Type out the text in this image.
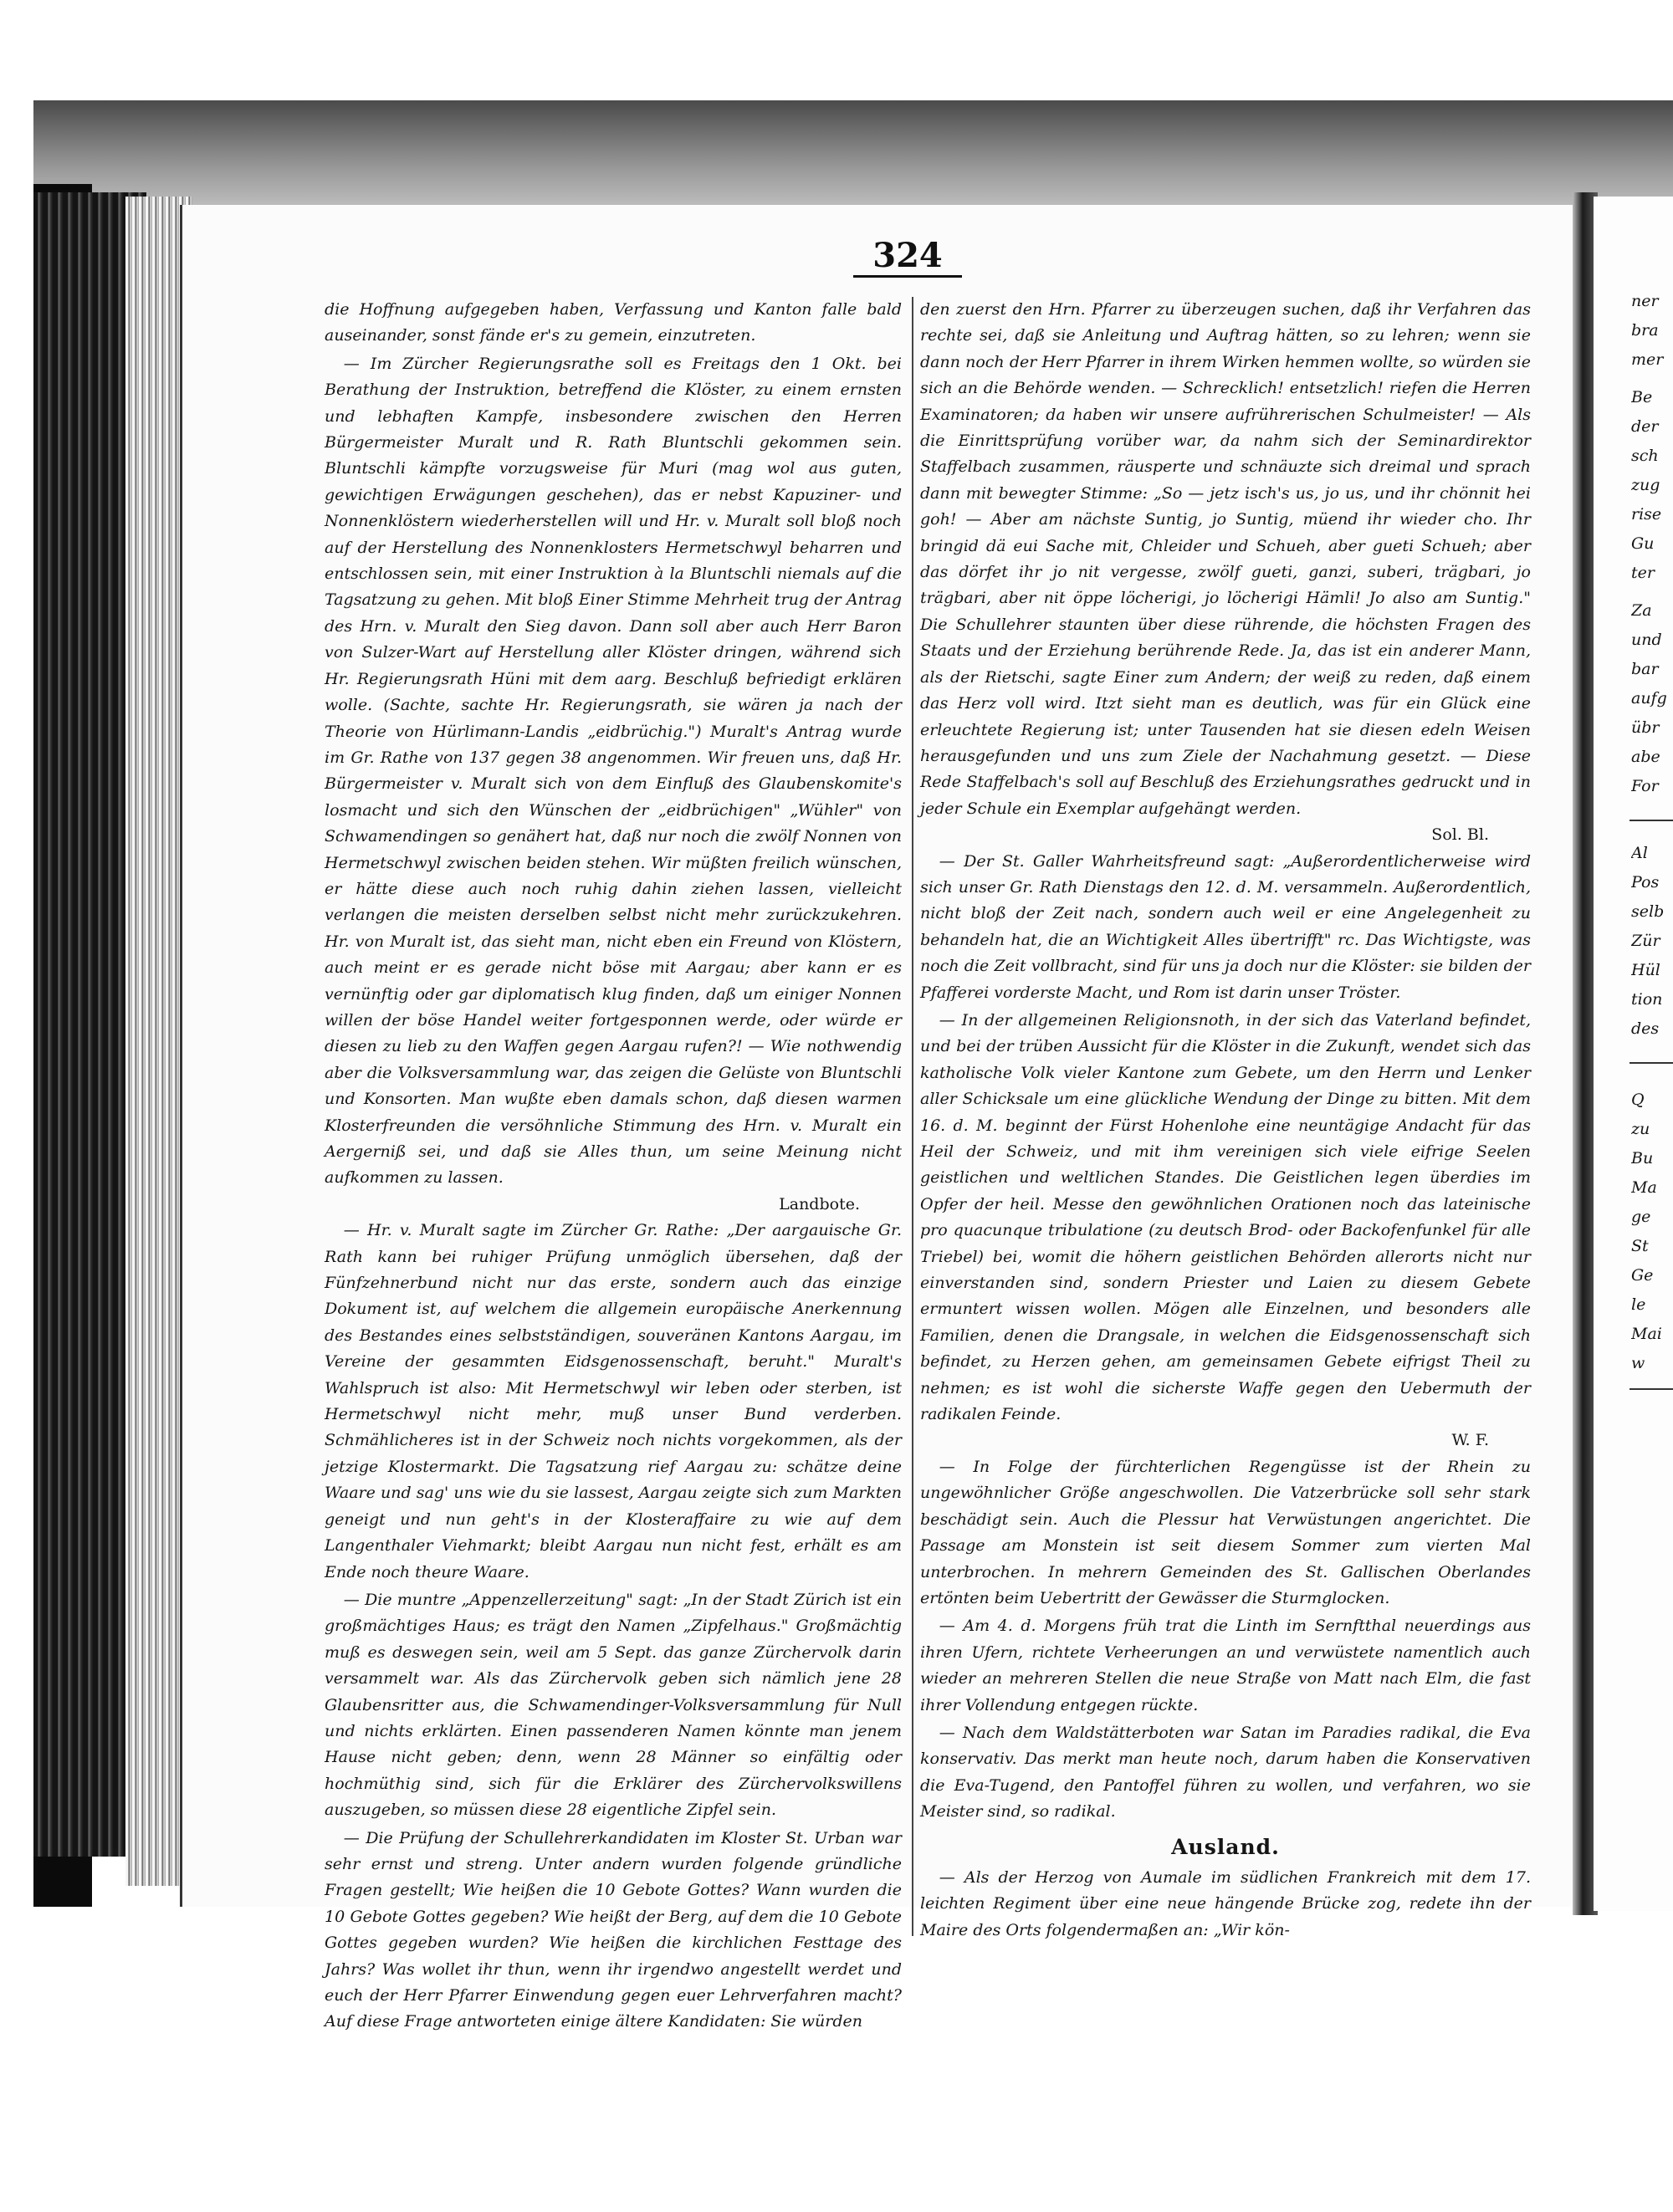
324

die Hoffnung aufgegeben haben, Verfassung und Kanton falle bald auseinander, sonst fände er's zu gemein, einzutreten.

— Im Zürcher Regierungsrathe soll es Freitags den 1 Okt. bei Berathung der Instruktion, betreffend die Klöster, zu einem ernsten und lebhaften Kampfe, insbesondere zwischen den Herren Bürgermeister Muralt und R. Rath Bluntschli gekommen sein. Bluntschli kämpfte vorzugsweise für Muri (mag wol aus guten, gewichtigen Erwägungen geschehen), das er nebst Kapuziner- und Nonnenklöstern wiederherstellen will und Hr. v. Muralt soll bloß noch auf der Herstellung des Nonnenklosters Hermetschwyl beharren und entschlossen sein, mit einer Instruktion à la Bluntschli niemals auf die Tagsatzung zu gehen. Mit bloß Einer Stimme Mehrheit trug der Antrag des Hrn. v. Muralt den Sieg davon. Dann soll aber auch Herr Baron von Sulzer-Wart auf Herstellung aller Klöster dringen, während sich Hr. Regierungsrath Hüni mit dem aarg. Beschluß befriedigt erklären wolle. (Sachte, sachte Hr. Regierungsrath, sie wären ja nach der Theorie von Hürlimann-Landis „eidbrüchig.") Muralt's Antrag wurde im Gr. Rathe von 137 gegen 38 angenommen. Wir freuen uns, daß Hr. Bürgermeister v. Muralt sich von dem Einfluß des Glaubenskomite's losmacht und sich den Wünschen der „eidbrüchigen" „Wühler" von Schwamendingen so genähert hat, daß nur noch die zwölf Nonnen von Hermetschwyl zwischen beiden stehen. Wir müßten freilich wünschen, er hätte diese auch noch ruhig dahin ziehen lassen, vielleicht verlangen die meisten derselben selbst nicht mehr zurückzukehren. Hr. von Muralt ist, das sieht man, nicht eben ein Freund von Klöstern, auch meint er es gerade nicht böse mit Aargau; aber kann er es vernünftig oder gar diplomatisch klug finden, daß um einiger Nonnen willen der böse Handel weiter fortgesponnen werde, oder würde er diesen zu lieb zu den Waffen gegen Aargau rufen?! — Wie nothwendig aber die Volksversammlung war, das zeigen die Gelüste von Bluntschli und Konsorten. Man wußte eben damals schon, daß diesen warmen Klosterfreunden die versöhnliche Stimmung des Hrn. v. Muralt ein Aergerniß sei, und daß sie Alles thun, um seine Meinung nicht aufkommen zu lassen.

Landbote.

— Hr. v. Muralt sagte im Zürcher Gr. Rathe: „Der aargauische Gr. Rath kann bei ruhiger Prüfung unmöglich übersehen, daß der Fünfzehnerbund nicht nur das erste, sondern auch das einzige Dokument ist, auf welchem die allgemein europäische Anerkennung des Bestandes eines selbstständigen, souveränen Kantons Aargau, im Vereine der gesammten Eidsgenossenschaft, beruht." Muralt's Wahlspruch ist also: Mit Hermetschwyl wir leben oder sterben, ist Hermetschwyl nicht mehr, muß unser Bund verderben. Schmählicheres ist in der Schweiz noch nichts vorgekommen, als der jetzige Klostermarkt. Die Tagsatzung rief Aargau zu: schätze deine Waare und sag' uns wie du sie lassest, Aargau zeigte sich zum Markten geneigt und nun geht's in der Klosteraffaire zu wie auf dem Langenthaler Viehmarkt; bleibt Aargau nun nicht fest, erhält es am Ende noch theure Waare.

— Die muntre „Appenzellerzeitung" sagt: „In der Stadt Zürich ist ein großmächtiges Haus; es trägt den Namen „Zipfelhaus." Großmächtig muß es deswegen sein, weil am 5 Sept. das ganze Zürchervolk darin versammelt war. Als das Zürchervolk geben sich nämlich jene 28 Glaubensritter aus, die Schwamendinger-Volksversammlung für Null und nichts erklärten. Einen passenderen Namen könnte man jenem Hause nicht geben; denn, wenn 28 Männer so einfältig oder hochmüthig sind, sich für die Erklärer des Zürchervolkswillens auszugeben, so müssen diese 28 eigentliche Zipfel sein.

— Die Prüfung der Schullehrerkandidaten im Kloster St. Urban war sehr ernst und streng. Unter andern wurden folgende gründliche Fragen gestellt; Wie heißen die 10 Gebote Gottes? Wann wurden die 10 Gebote Gottes gegeben? Wie heißt der Berg, auf dem die 10 Gebote Gottes gegeben wurden? Wie heißen die kirchlichen Festtage des Jahrs? Was wollet ihr thun, wenn ihr irgendwo angestellt werdet und euch der Herr Pfarrer Einwendung gegen euer Lehrverfahren macht? Auf diese Frage antworteten einige ältere Kandidaten: Sie würden

den zuerst den Hrn. Pfarrer zu überzeugen suchen, daß ihr Verfahren das rechte sei, daß sie Anleitung und Auftrag hätten, so zu lehren; wenn sie dann noch der Herr Pfarrer in ihrem Wirken hemmen wollte, so würden sie sich an die Behörde wenden. — Schrecklich! entsetzlich! riefen die Herren Examinatoren; da haben wir unsere aufrührerischen Schulmeister! — Als die Einrittsprüfung vorüber war, da nahm sich der Seminardirektor Staffelbach zusammen, räusperte und schnäuzte sich dreimal und sprach dann mit bewegter Stimme: „So — jetz isch's us, jo us, und ihr chönnit hei goh! — Aber am nächste Suntig, jo Suntig, müend ihr wieder cho. Ihr bringid dä eui Sache mit, Chleider und Schueh, aber gueti Schueh; aber das dörfet ihr jo nit vergesse, zwölf gueti, ganzi, suberi, trägbari, jo trägbari, aber nit öppe löcherigi, jo löcherigi Hämli! Jo also am Suntig." Die Schullehrer staunten über diese rührende, die höchsten Fragen des Staats und der Erziehung berührende Rede. Ja, das ist ein anderer Mann, als der Rietschi, sagte Einer zum Andern; der weiß zu reden, daß einem das Herz voll wird. Itzt sieht man es deutlich, was für ein Glück eine erleuchtete Regierung ist; unter Tausenden hat sie diesen edeln Weisen herausgefunden und uns zum Ziele der Nachahmung gesetzt. — Diese Rede Staffelbach's soll auf Beschluß des Erziehungsrathes gedruckt und in jeder Schule ein Exemplar aufgehängt werden.

Sol. Bl.

— Der St. Galler Wahrheitsfreund sagt: „Außerordentlicherweise wird sich unser Gr. Rath Dienstags den 12. d. M. versammeln. Außerordentlich, nicht bloß der Zeit nach, sondern auch weil er eine Angelegenheit zu behandeln hat, die an Wichtigkeit Alles übertrifft" rc. Das Wichtigste, was noch die Zeit vollbracht, sind für uns ja doch nur die Klöster: sie bilden der Pfafferei vorderste Macht, und Rom ist darin unser Tröster.

— In der allgemeinen Religionsnoth, in der sich das Vaterland befindet, und bei der trüben Aussicht für die Klöster in die Zukunft, wendet sich das katholische Volk vieler Kantone zum Gebete, um den Herrn und Lenker aller Schicksale um eine glückliche Wendung der Dinge zu bitten. Mit dem 16. d. M. beginnt der Fürst Hohenlohe eine neuntägige Andacht für das Heil der Schweiz, und mit ihm vereinigen sich viele eifrige Seelen geistlichen und weltlichen Standes. Die Geistlichen legen überdies im Opfer der heil. Messe den gewöhnlichen Orationen noch das lateinische pro quacunque tribulatione (zu deutsch Brod- oder Backofenfunkel für alle Triebel) bei, womit die höhern geistlichen Behörden allerorts nicht nur einverstanden sind, sondern Priester und Laien zu diesem Gebete ermuntert wissen wollen. Mögen alle Einzelnen, und besonders alle Familien, denen die Drangsale, in welchen die Eidsgenossenschaft sich befindet, zu Herzen gehen, am gemeinsamen Gebete eifrigst Theil zu nehmen; es ist wohl die sicherste Waffe gegen den Uebermuth der radikalen Feinde.

W. F.

— In Folge der fürchterlichen Regengüsse ist der Rhein zu ungewöhnlicher Größe angeschwollen. Die Vatzerbrücke soll sehr stark beschädigt sein. Auch die Plessur hat Verwüstungen angerichtet. Die Passage am Monstein ist seit diesem Sommer zum vierten Mal unterbrochen. In mehrern Gemeinden des St. Gallischen Oberlandes ertönten beim Uebertritt der Gewässer die Sturmglocken.

— Am 4. d. Morgens früh trat die Linth im Sernftthal neuerdings aus ihren Ufern, richtete Verheerungen an und verwüstete namentlich auch wieder an mehreren Stellen die neue Straße von Matt nach Elm, die fast ihrer Vollendung entgegen rückte.

— Nach dem Waldstätterboten war Satan im Paradies radikal, die Eva konservativ. Das merkt man heute noch, darum haben die Konservativen die Eva-Tugend, den Pantoffel führen zu wollen, und verfahren, wo sie Meister sind, so radikal.

Ausland.

— Als der Herzog von Aumale im südlichen Frankreich mit dem 17. leichten Regiment über eine neue hängende Brücke zog, redete ihn der Maire des Orts folgendermaßen an: „Wir kön-

ner
bra
mer
Be
der
sch
zug
rise
Gu
ter
Za
und
bar
aufg
übr
abe
For
Al
Pos
selb
Zür
Hül
tion
des
Q
zu
Bu
Ma
ge
St
Ge
le
Mai
w
